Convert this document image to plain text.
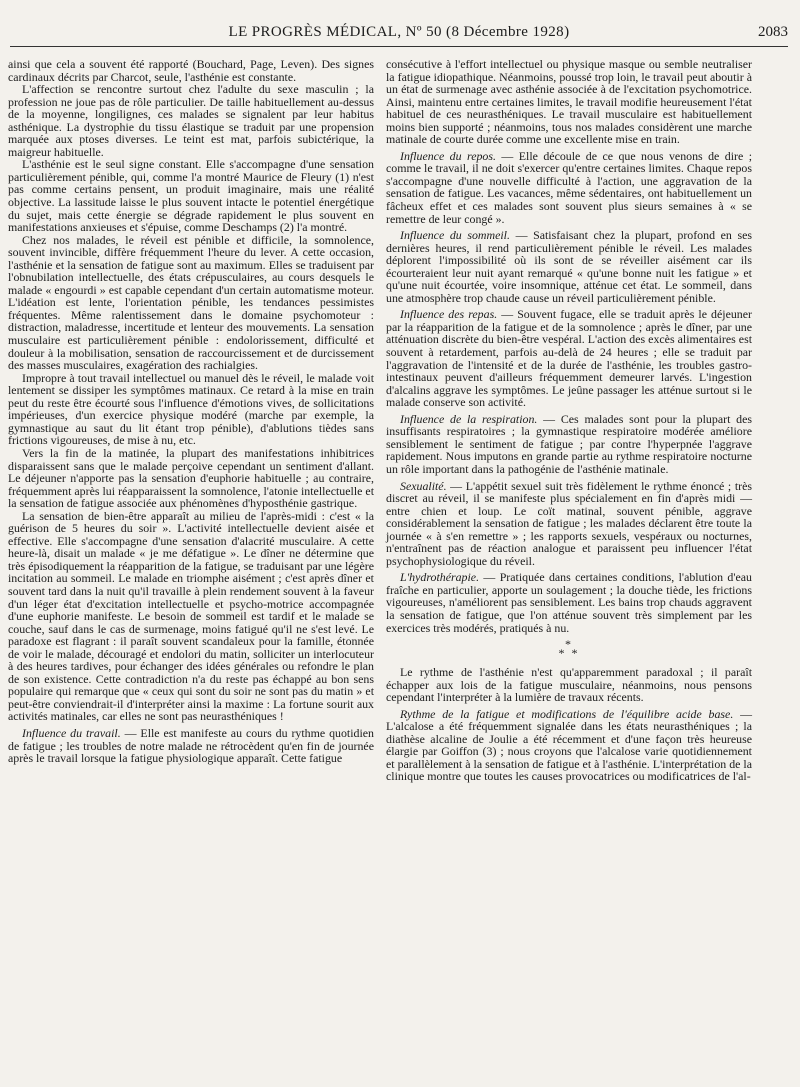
LE PROGRÈS MÉDICAL, Nº 50 (8 Décembre 1928)	2083

ainsi que cela a souvent été rapporté (Bouchard, Page, Leven). Des signes cardinaux décrits par Charcot, seule, l'asthénie est constante.

L'affection se rencontre surtout chez l'adulte du sexe masculin ; la profession ne joue pas de rôle particulier. De taille habituellement au-dessus de la moyenne, longilignes, ces malades se signalent par leur habitus asthénique. La dystrophie du tissu élastique se traduit par une propension marquée aux ptoses diverses. Le teint est mat, parfois subictérique, la maigreur habituelle.

L'asthénie est le seul signe constant. Elle s'accompagne d'une sensation particulièrement pénible, qui, comme l'a montré Maurice de Fleury (1) n'est pas comme certains pensent, un produit imaginaire, mais une réalité objective. La lassitude laisse le plus souvent intacte le potentiel énergétique du sujet, mais cette énergie se dégrade rapidement le plus souvent en manifestations anxieuses et s'épuise, comme Deschamps (2) l'a montré.

Chez nos malades, le réveil est pénible et difficile, la somnolence, souvent invincible, diffère fréquemment l'heure du lever. A cette occasion, l'asthénie et la sensation de fatigue sont au maximum. Elles se traduisent par l'obnubilation intellectuelle, des états crépusculaires, au cours desquels le malade « engourdi » est capable cependant d'un certain automatisme moteur. L'idéation est lente, l'orientation pénible, les tendances pessimistes fréquentes. Même ralentissement dans le domaine psychomoteur : distraction, maladresse, incertitude et lenteur des mouvements. La sensation musculaire est particulièrement pénible : endolorissement, difficulté et douleur à la mobilisation, sensation de raccourcissement et de durcissement des masses musculaires, exagération des rachialgies.

Impropre à tout travail intellectuel ou manuel dès le réveil, le malade voit lentement se dissiper les symptômes matinaux. Ce retard à la mise en train peut du reste être écourté sous l'influence d'émotions vives, de sollicitations impérieuses, d'un exercice physique modéré (marche par exemple, la gymnastique au saut du lit étant trop pénible), d'ablutions tièdes sans frictions vigoureuses, de mise à nu, etc.

Vers la fin de la matinée, la plupart des manifestations inhibitrices disparaissent sans que le malade perçoive cependant un sentiment d'allant. Le déjeuner n'apporte pas la sensation d'euphorie habituelle ; au contraire, fréquemment après lui réapparaissent la somnolence, l'atonie intellectuelle et la sensation de fatigue associée aux phénomènes d'hyposthénie gastrique.

La sensation de bien-être apparaît au milieu de l'après-midi : c'est « la guérison de 5 heures du soir ». L'activité intellectuelle devient aisée et effective. Elle s'accompagne d'une sensation d'alacrité musculaire. A cette heure-là, disait un malade « je me défatigue ». Le dîner ne détermine que très épisodiquement la réapparition de la fatigue, se traduisant par une légère incitation au sommeil. Le malade en triomphe aisément ; c'est après dîner et souvent tard dans la nuit qu'il travaille à plein rendement souvent à la faveur d'un léger état d'excitation intellectuelle et psycho-motrice accompagnée d'une euphorie manifeste. Le besoin de sommeil est tardif et le malade se couche, sauf dans le cas de surmenage, moins fatigué qu'il ne s'est levé. Le paradoxe est flagrant : il paraît souvent scandaleux pour la famille, étonnée de voir le malade, découragé et endolori du matin, solliciter un interlocuteur à des heures tardives, pour échanger des idées générales ou refondre le plan de son existence. Cette contradiction n'a du reste pas échappé au bon sens populaire qui remarque que « ceux qui sont du soir ne sont pas du matin » et peut-être conviendrait-il d'interpréter ainsi la maxime : La fortune sourit aux activités matinales, car elles ne sont pas neurasthéniques !

Influence du travail. — Elle est manifeste au cours du rythme quotidien de fatigue ; les troubles de notre malade ne rétrocèdent qu'en fin de journée après le travail lorsque la fatigue physiologique apparaît. Cette fatigue

consécutive à l'effort intellectuel ou physique masque ou semble neutraliser la fatigue idiopathique. Néanmoins, poussé trop loin, le travail peut aboutir à un état de surmenage avec asthénie associée à de l'excitation psychomotrice. Ainsi, maintenu entre certaines limites, le travail modifie heureusement l'état habituel de ces neurasthéniques. Le travail musculaire est habituellement moins bien supporté ; néanmoins, tous nos malades considèrent une marche matinale de courte durée comme une excellente mise en train.

Influence du repos. — Elle découle de ce que nous venons de dire ; comme le travail, il ne doit s'exercer qu'entre certaines limites. Chaque repos s'accompagne d'une nouvelle difficulté à l'action, une aggravation de la sensation de fatigue. Les vacances, même sédentaires, ont habituellement un fâcheux effet et ces malades sont souvent plus sieurs semaines à « se remettre de leur congé ».

Influence du sommeil. — Satisfaisant chez la plupart, profond en ses dernières heures, il rend particulièrement pénible le réveil. Les malades déplorent l'impossibilité où ils sont de se réveiller aisément car ils écourteraient leur nuit ayant remarqué « qu'une bonne nuit les fatigue » et qu'une nuit écourtée, voire insomnique, atténue cet état. Le sommeil, dans une atmosphère trop chaude cause un réveil particulièrement pénible.

Influence des repas. — Souvent fugace, elle se traduit après le déjeuner par la réapparition de la fatigue et de la somnolence ; après le dîner, par une atténuation discrète du bien-être vespéral. L'action des excès alimentaires est souvent à retardement, parfois au-delà de 24 heures ; elle se traduit par l'aggravation de l'intensité et de la durée de l'asthénie, les troubles gastro-intestinaux peuvent d'ailleurs fréquemment demeurer larvés. L'ingestion d'alcalins aggrave les symptômes. Le jeûne passager les atténue surtout si le malade conserve son activité.

Influence de la respiration. — Ces malades sont pour la plupart des insuffisants respiratoires ; la gymnastique respiratoire modérée améliore sensiblement le sentiment de fatigue ; par contre l'hyperpnée l'aggrave rapidement. Nous imputons en grande partie au rythme respiratoire nocturne un rôle important dans la pathogénie de l'asthénie matinale.

Sexualité. — L'appétit sexuel suit très fidèlement le rythme énoncé ; très discret au réveil, il se manifeste plus spécialement en fin d'après midi — entre chien et loup. Le coït matinal, souvent pénible, aggrave considérablement la sensation de fatigue ; les malades déclarent être toute la journée « à s'en remettre » ; les rapports sexuels, vespéraux ou nocturnes, n'entraînent pas de réaction analogue et paraissent peu influencer l'état psychophysiologique du réveil.

L'hydrothérapie. — Pratiquée dans certaines conditions, l'ablution d'eau fraîche en particulier, apporte un soulagement ; la douche tiède, les frictions vigoureuses, n'améliorent pas sensiblement. Les bains trop chauds aggravent la sensation de fatigue, que l'on atténue souvent très simplement par les exercices très modérés, pratiqués à nu.

*
* *

Le rythme de l'asthénie n'est qu'apparemment paradoxal ; il paraît échapper aux lois de la fatigue musculaire, néanmoins, nous pensons cependant l'interpréter à la lumière de travaux récents.

Rythme de la fatigue et modifications de l'équilibre acide base. — L'alcalose a été fréquemment signalée dans les états neurasthéniques ; la diathèse alcaline de Joulie a été récemment et d'une façon très heureuse élargie par Goiffon (3) ; nous croyons que l'alcalose varie quotidiennement et parallèlement à la sensation de fatigue et à l'asthénie. L'interprétation de la clinique montre que toutes les causes provocatrices ou modificatrices de l'al-
